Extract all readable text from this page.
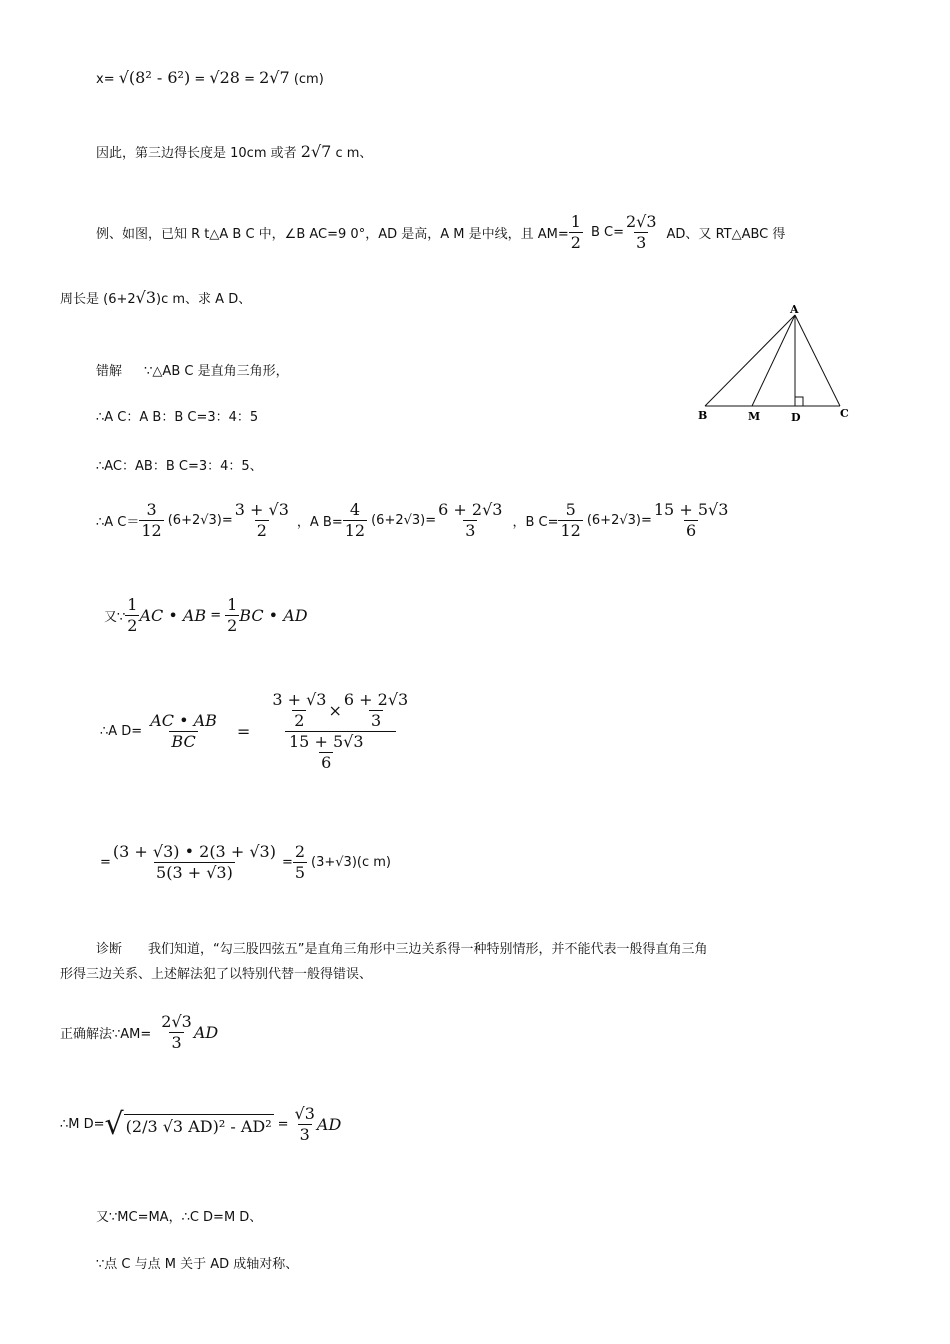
x= √(8² - 6²) = √28 = 2√7 (cm)
因此，第三边得长度是 10cm 或者 2√7 c m、
例、如图，已知 R t△A B C 中，∠B AC=9 0°，AD 是高，A M 是中线，且 $AM= \frac{1}{2}$ B $C= \frac{2√3}{3}$ AD、又 RT△ABC 得
周长是 (6+2√3)c m、求 A D、
A
B	M	D	C
错解 ∵△AB C 是直角三角形，
∴A C：A B：B C=3：4：5
∴AC：AB：B C=3：4：5、
∴A $C= \frac{3}{12} (6+2√3)= \frac{3 + √3}{2}$ ，A $B= \frac{4}{12} (6+2√3)= \frac{6 + 2√3}{3}$ ，B $C= \frac{5}{12} (6+2√3)= \frac{15 + 5√3}{6}$
又∵ $\frac{1}{2}$ AC • AB = $\frac{1}{2}$ BC • AD
∴A $D= \frac{AC • AB}{BC} = \frac{\frac{3 + √3}{2} \times \frac{6 + 2√3}{3}}{\frac{15 + 5√3}{6}}$
= $\frac{(3 + √3) • 2(3 + √3)}{5(3 + √3)} = \frac{2}{5} (3+√3)(c$ m)
诊断　　我们知道，“勾三股四弦五”是直角三角形中三边关系得一种特别情形，并不能代表一般得直角三角
形得三边关系、上述解法犯了以特别代替一般得错误、
正确解法∵AM= $\frac{2√3}{3}$ AD
∴M D= √ (2/3 √3 $AD)^2 - AD^2 = \frac{√3}{3}$ AD
又∵MC=MA，∴C D=M D、
∵点 C 与点 M 关于 AD 成轴对称、
